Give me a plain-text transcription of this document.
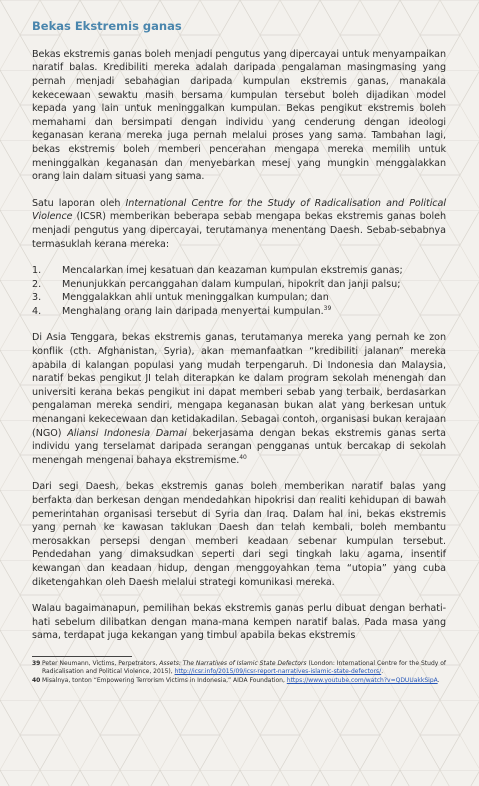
Bekas Ekstremis ganas

Bekas ekstremis ganas boleh menjadi pengutus yang dipercayai untuk menyampaikan naratif balas. Kredibiliti mereka adalah daripada pengalaman masingmasing yang pernah menjadi sebahagian daripada kumpulan ekstremis ganas, manakala kekecewaan sewaktu masih bersama kumpulan tersebut boleh dijadikan model kepada yang lain untuk meninggalkan kumpulan. Bekas pengikut ekstremis boleh memahami dan bersimpati dengan individu yang cenderung dengan ideologi keganasan kerana mereka juga pernah melalui proses yang sama. Tambahan lagi, bekas ekstremis boleh memberi pencerahan mengapa mereka memilih untuk meninggalkan keganasan dan menyebarkan mesej yang mungkin menggalakkan orang lain dalam situasi yang sama.

Satu laporan oleh International Centre for the Study of Radicalisation and Political Violence (ICSR) memberikan beberapa sebab mengapa bekas ekstremis ganas boleh menjadi pengutus yang dipercayai, terutamanya menentang Daesh. Sebab-sebabnya termasuklah kerana mereka:

1.	Mencalarkan imej kesatuan dan keazaman kumpulan ekstremis ganas;
2.	Menunjukkan percanggahan dalam kumpulan, hipokrit dan janji palsu;
3.	Menggalakkan ahli untuk meninggalkan kumpulan; dan
4.	Menghalang orang lain daripada menyertai kumpulan.$^{39}$

Di Asia Tenggara, bekas ekstremis ganas, terutamanya mereka yang pernah ke zon konflik (cth. Afghanistan, Syria), akan memanfaatkan “kredibiliti jalanan” mereka apabila di kalangan populasi yang mudah terpengaruh. Di Indonesia dan Malaysia, naratif bekas pengikut JI telah diterapkan ke dalam program sekolah menengah dan universiti kerana bekas pengikut ini dapat memberi sebab yang terbaik, berdasarkan pengalaman mereka sendiri, mengapa keganasan bukan alat yang berkesan untuk menangani kekecewaan dan ketidakadilan. Sebagai contoh, organisasi bukan kerajaan (NGO) Aliansi Indonesia Damai bekerjasama dengan bekas ekstremis ganas serta individu yang terselamat daripada serangan pengganas untuk bercakap di sekolah menengah mengenai bahaya ekstremisme.$^{40}$

Dari segi Daesh, bekas ekstremis ganas boleh memberikan naratif balas yang berfakta dan berkesan dengan mendedahkan hipokrisi dan realiti kehidupan di bawah pemerintahan organisasi tersebut di Syria dan Iraq. Dalam hal ini, bekas ekstremis yang pernah ke kawasan taklukan Daesh dan telah kembali, boleh membantu merosakkan persepsi dengan memberi keadaan sebenar kumpulan tersebut. Pendedahan yang dimaksudkan seperti dari segi tingkah laku agama, insentif kewangan dan keadaan hidup, dengan menggoyahkan tema “utopia” yang cuba diketengahkan oleh Daesh melalui strategi komunikasi mereka.

Walau bagaimanapun, pemilihan bekas ekstremis ganas perlu dibuat dengan berhati-hati sebelum dilibatkan dengan mana-mana kempen naratif balas. Pada masa yang sama, terdapat juga kekangan yang timbul apabila bekas ekstremis

39 Peter Neumann, Victims, Perpetrators, Assets: The Narratives of Islamic State Defectors (London: International Centre for the Study of Radicalisation and Political Violence, 2015), http://icsr.info/2015/09/icsr-report-narratives-islamic-state-defectors/.
40 Misalnya, tonton “Empowering Terrorism Victims in Indonesia,” AIDA Foundation, https://www.youtube.com/watch?v=QDUUakkSipA.
